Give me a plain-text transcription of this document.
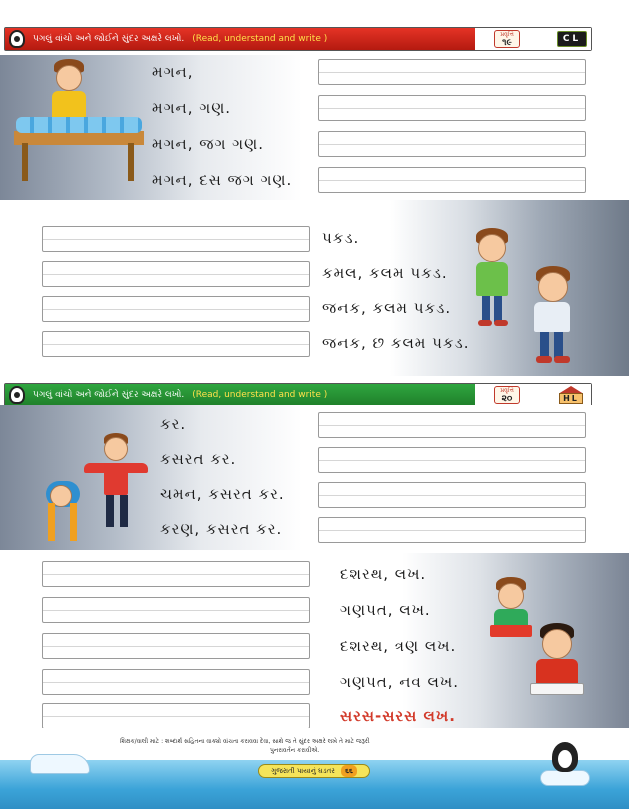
પગલું વાંચો અને જોઈને સુંદર અક્ષરે લખો. (Read, understand and write )	પ્રવૃત્તિ
૧૯	CL
મગન,
મગન, ગણ.
મગન, જગ ગણ.
મગન, દસ જગ ગણ.
પકડ.
કમલ, કલમ પકડ.
જનક, કલમ પકડ.
જનક, છ કલમ પકડ.
પગલું વાંચો અને જોઈને સુંદર અક્ષરે લખો. (Read, understand and write )	પ્રવૃત્તિ
૨૦	HL
કર.
કસરત કર.
ચમન, કસરત કર.
કરણ, કસરત કર.
દશરથ, લખ.
ગણપત, લખ.
દશરથ, ત્રણ લખ.
ગણપત, નવ લખ.
સરસ-સરસ લખ.
શિક્ષક/વાલી માટે : શબ્દાર્થ સહિતના વાક્યો વાંચતા કરાવવા દેવા, સાથે જ તે સુંદર અક્ષરે લખે તે માટે જરૂરી
પુનરાવર્તન કરાવીએ.
ગુજરાતી પાયાનું ઘડતર ૬૬
